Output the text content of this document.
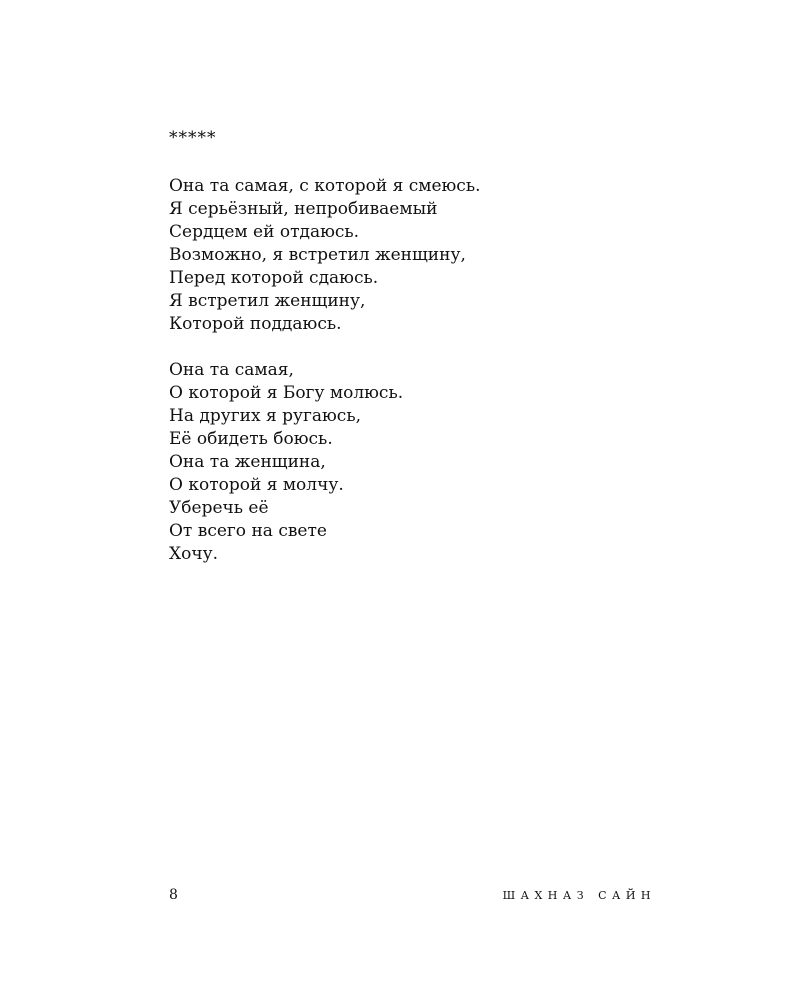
*****

Она та самая, с которой я смеюсь.
Я серьёзный, непробиваемый
Сердцем ей отдаюсь.
Возможно, я встретил женщину,
Перед которой сдаюсь.
Я встретил женщину,
Которой поддаюсь.
Она та самая,
О которой я Богу молюсь.
На других я ругаюсь,
Её обидеть боюсь.
Она та женщина,
О которой я молчу.
Уберечь её
От всего на свете
Хочу.
8	ШАХНАЗ САЙН
